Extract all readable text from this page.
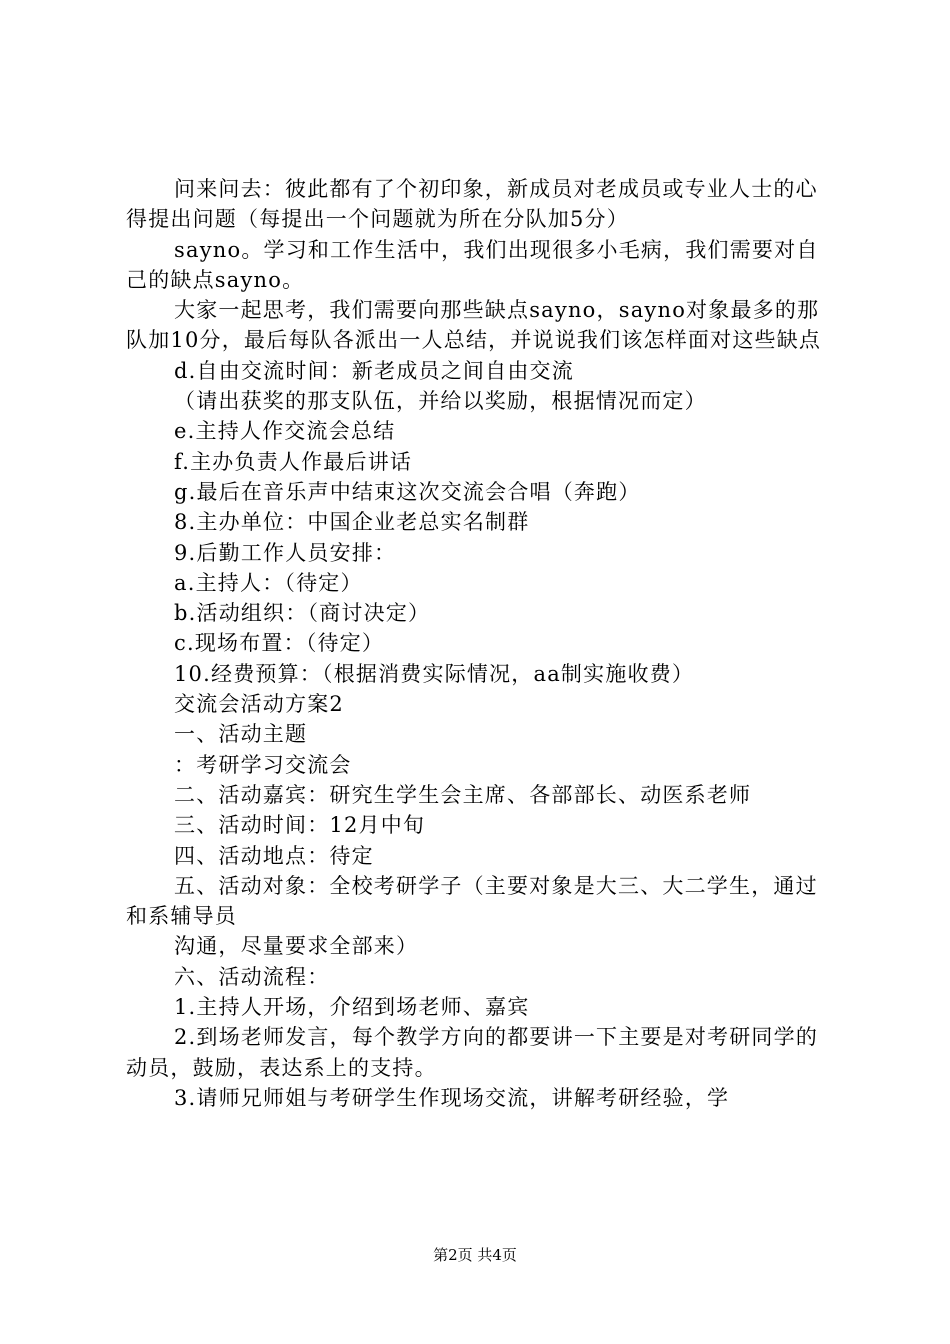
问来问去：彼此都有了个初印象，新成员对老成员或专业人士的心得提出问题（每提出一个问题就为所在分队加5分）

sayno。学习和工作生活中，我们出现很多小毛病，我们需要对自己的缺点sayno。

大家一起思考，我们需要向那些缺点sayno，sayno对象最多的那队加10分，最后每队各派出一人总结，并说说我们该怎样面对这些缺点

d.自由交流时间：新老成员之间自由交流

（请出获奖的那支队伍，并给以奖励，根据情况而定）

e.主持人作交流会总结

f.主办负责人作最后讲话

g.最后在音乐声中结束这次交流会合唱（奔跑）

8.主办单位：中国企业老总实名制群

9.后勤工作人员安排：

a.主持人：（待定）

b.活动组织：（商讨决定）

c.现场布置：（待定）

10.经费预算：（根据消费实际情况，aa制实施收费）

交流会活动方案2

一、活动主题

：考研学习交流会

二、活动嘉宾：研究生学生会主席、各部部长、动医系老师

三、活动时间：12月中旬

四、活动地点：待定

五、活动对象：全校考研学子（主要对象是大三、大二学生，通过和系辅导员

沟通，尽量要求全部来）

六、活动流程：

1.主持人开场，介绍到场老师、嘉宾

2.到场老师发言，每个教学方向的都要讲一下主要是对考研同学的动员，鼓励，表达系上的支持。

3.请师兄师姐与考研学生作现场交流，讲解考研经验，学

第2页 共4页
